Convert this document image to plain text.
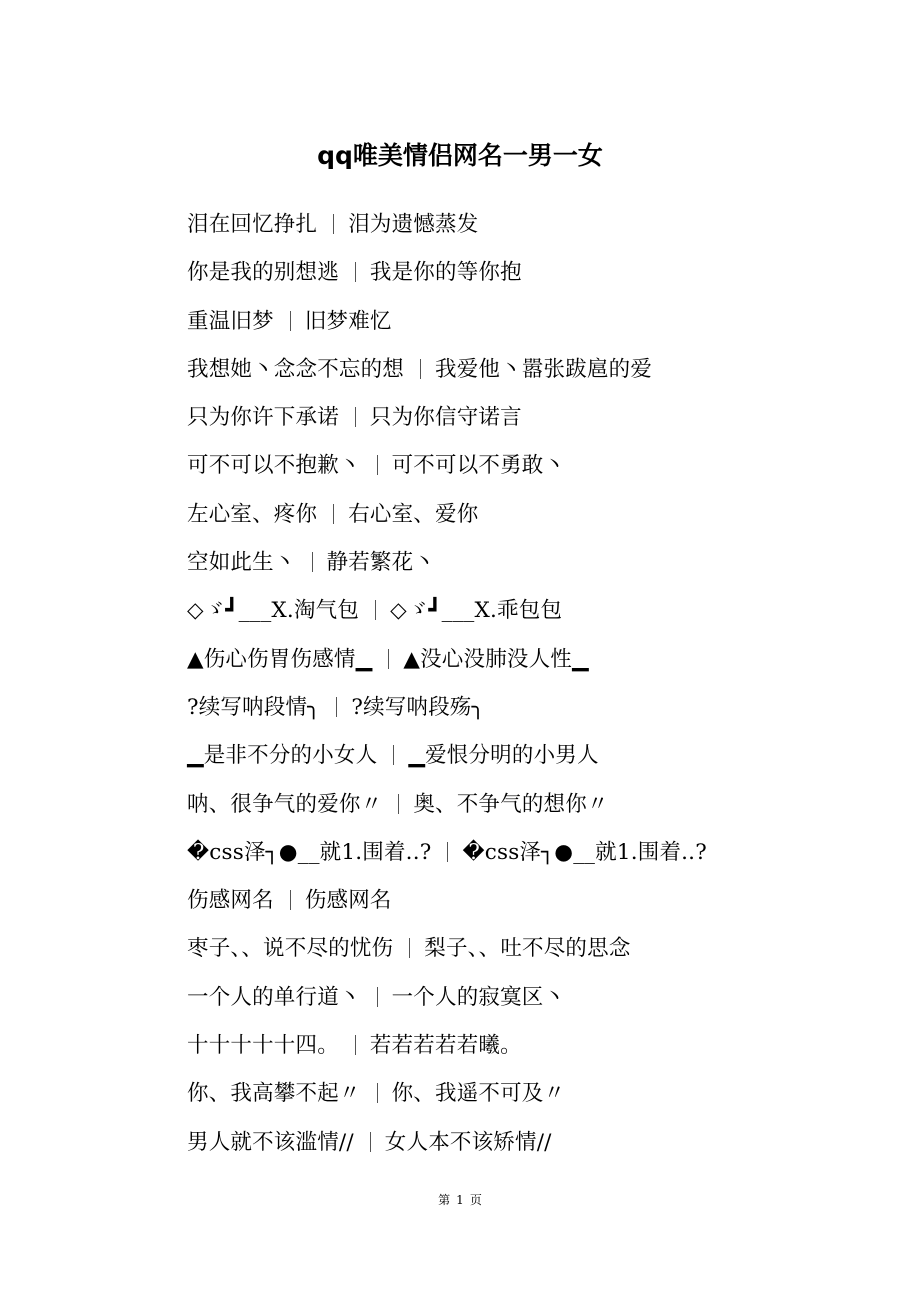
qq唯美情侣网名一男一女
泪在回忆挣扎 泪为遗憾蒸发
你是我的别想逃 我是你的等你抱
重温旧梦 旧梦难忆
我想她丶念念不忘的想 我爱他丶嚣张跋扈的爱
只为你许下承诺 只为你信守诺言
可不可以不抱歉丶 可不可以不勇敢丶
左心室、疼你 右心室、爱你
空如此生丶 静若繁花丶
◇ゞ┛___X.淘气包 ◇ゞ┛___X.乖包包
▲伤心伤胃伤感情▁ ▲没心没肺没人性▁
?续写呐段情╮ ?续写呐段殇╮
▁是非不分的小女人 ▁爱恨分明的小男人
呐、很争气的爱你〃 奥、不争气的想你〃
�css泽┐●__就1.围着..? �css泽┐●__就1.围着..?
伤感网名 伤感网名
枣子、、说不尽的忧伤 梨子、、吐不尽的思念
一个人的单行道丶 一个人的寂寞区丶
十十十十十四。 若若若若若曦。
你、我高攀不起〃 你、我遥不可及〃
男人就不该滥情// 女人本不该矫情//
第 1 页
